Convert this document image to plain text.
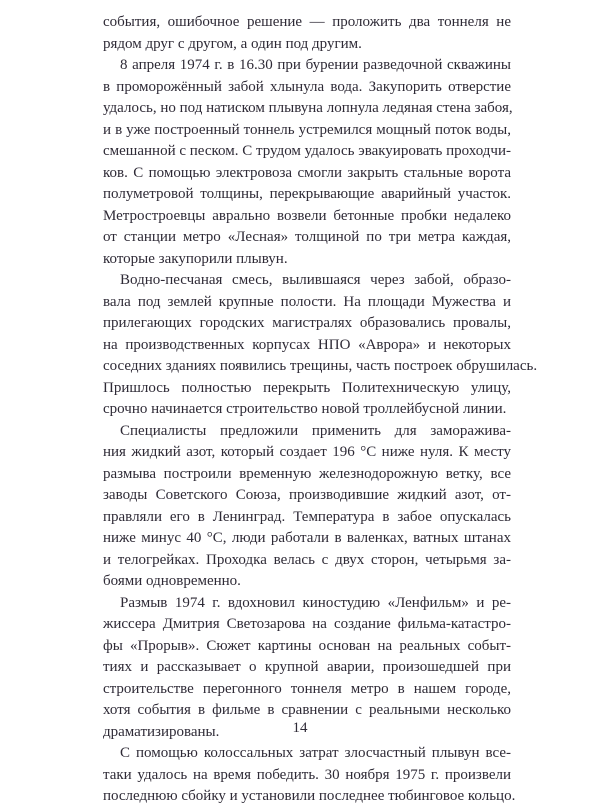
события, ошибочное решение — проложить два тоннеля не
рядом друг с другом, а один под другим.
8 апреля 1974 г. в 16.30 при бурении разведочной скважины
в проморожённый забой хлынула вода. Закупорить отверстие
удалось, но под натиском плывуна лопнула ледяная стена забоя,
и в уже построенный тоннель устремился мощный поток воды,
смешанной с песком. С трудом удалось эвакуировать проходчи-
ков. С помощью электровоза смогли закрыть стальные ворота
полуметровой толщины, перекрывающие аварийный участок.
Метростроевцы аврально возвели бетонные пробки недалеко
от станции метро «Лесная» толщиной по три метра каждая,
которые закупорили плывун.
Водно-песчаная смесь, вылившаяся через забой, образо-
вала под землей крупные полости. На площади Мужества и
прилегающих городских магистралях образовались провалы,
на производственных корпусах НПО «Аврора» и некоторых
соседних зданиях появились трещины, часть построек обрушилась.
Пришлось полностью перекрыть Политехническую улицу,
срочно начинается строительство новой троллейбусной линии.
Специалисты предложили применить для заморажива-
ния жидкий азот, который создает 196 °С ниже нуля. К месту
размыва построили временную железнодорожную ветку, все
заводы Советского Союза, производившие жидкий азот, от-
правляли его в Ленинград. Температура в забое опускалась
ниже минус 40 °С, люди работали в валенках, ватных штанах
и телогрейках. Проходка велась с двух сторон, четырьмя за-
боями одновременно.
Размыв 1974 г. вдохновил киностудию «Ленфильм» и ре-
жиссера Дмитрия Светозарова на создание фильма-катастро-
фы «Прорыв». Сюжет картины основан на реальных событ-
тиях и рассказывает о крупной аварии, произошедшей при
строительстве перегонного тоннеля метро в нашем городе,
хотя события в фильме в сравнении с реальными несколько
драматизированы.
С помощью колоссальных затрат злосчастный плывун все-
таки удалось на время победить. 30 ноября 1975 г. произвели
последнюю сбойку и установили последнее тюбинговое кольцо.
14
